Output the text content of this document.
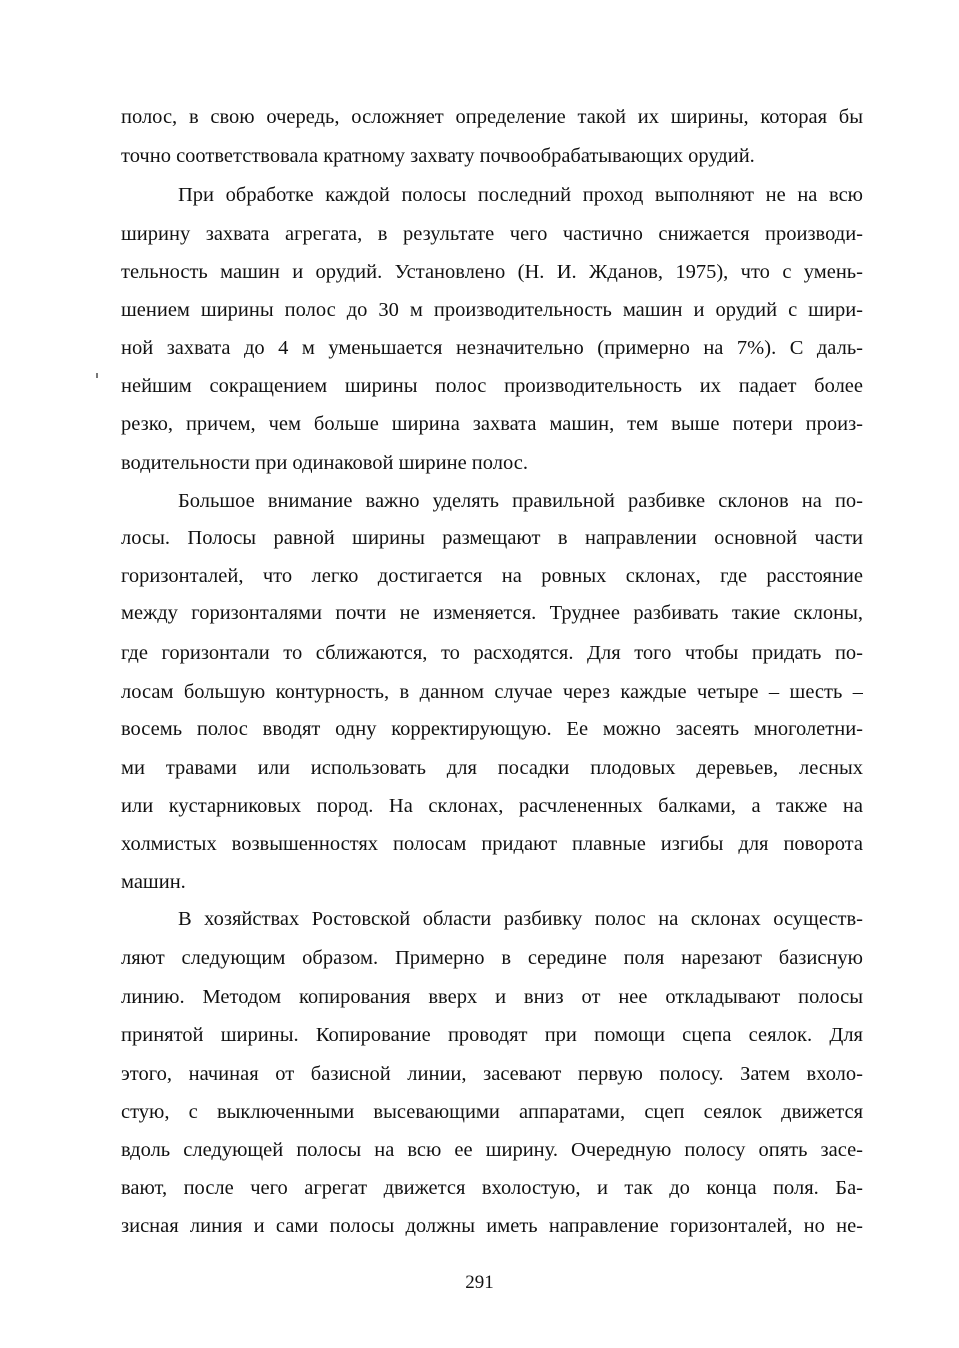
полос, в свою очередь, осложняет определение такой их ширины, которая бы
точно соответствовала кратному захвату почвообрабатывающих орудий.
При обработке каждой полосы последний проход выполняют не на всю
ширину захвата агрегата, в результате чего частично снижается производи-
тельность машин и орудий. Установлено (Н. И. Жданов, 1975), что с умень-
шением ширины полос до 30 м производительность машин и орудий с шири-
ной захвата до 4 м уменьшается незначительно (примерно на 7%). С даль-
нейшим сокращением ширины полос производительность их падает более
резко, причем, чем больше ширина захвата машин, тем выше потери произ-
водительности при одинаковой ширине полос.
Большое внимание важно уделять правильной разбивке склонов на по-
лосы. Полосы равной ширины размещают в направлении основной части
горизонталей, что легко достигается на ровных склонах, где расстояние
между горизонталями почти не изменяется. Труднее разбивать такие склоны,
где горизонтали то сближаются, то расходятся. Для того чтобы придать по-
лосам большую контурность, в данном случае через каждые четыре – шесть –
восемь полос вводят одну корректирующую. Ее можно засеять многолетни-
ми травами или использовать для посадки плодовых деревьев, лесных
или кустарниковых пород. На склонах, расчлененных балками, а также на
холмистых возвышенностях полосам придают плавные изгибы для поворота
машин.
В хозяйствах Ростовской области разбивку полос на склонах осуществ-
ляют следующим образом. Примерно в середине поля нарезают базисную
линию. Методом копирования вверх и вниз от нее откладывают полосы
принятой ширины. Копирование проводят при помощи сцепа сеялок. Для
этого, начиная от базисной линии, засевают первую полосу. Затем вхоло-
стую, с выключенными высевающими аппаратами, сцеп сеялок движется
вдоль следующей полосы на всю ее ширину. Очередную полосу опять засе-
вают, после чего агрегат движется вхолостую, и так до конца поля. Ба-
зисная линия и сами полосы должны иметь направление горизонталей, но не-
291
